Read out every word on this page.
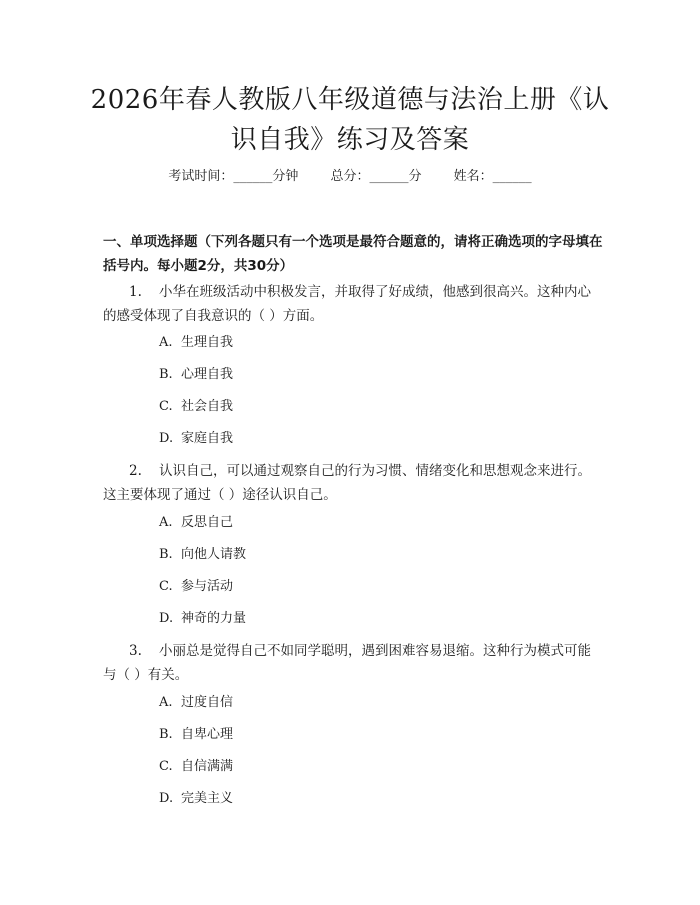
2026年春人教版八年级道德与法治上册《认
识自我》练习及答案
考试时间：______分钟 总分：______分 姓名：______
一、单项选择题（下列各题只有一个选项是最符合题意的，请将正确选项的字母填在括号内。每小题2分，共30分）
1. 小华在班级活动中积极发言，并取得了好成绩，他感到很高兴。这种内心的感受体现了自我意识的（ ）方面。
A. 生理自我
B. 心理自我
C. 社会自我
D. 家庭自我
2. 认识自己，可以通过观察自己的行为习惯、情绪变化和思想观念来进行。这主要体现了通过（ ）途径认识自己。
A. 反思自己
B. 向他人请教
C. 参与活动
D. 神奇的力量
3. 小丽总是觉得自己不如同学聪明，遇到困难容易退缩。这种行为模式可能与（ ）有关。
A. 过度自信
B. 自卑心理
C. 自信满满
D. 完美主义
